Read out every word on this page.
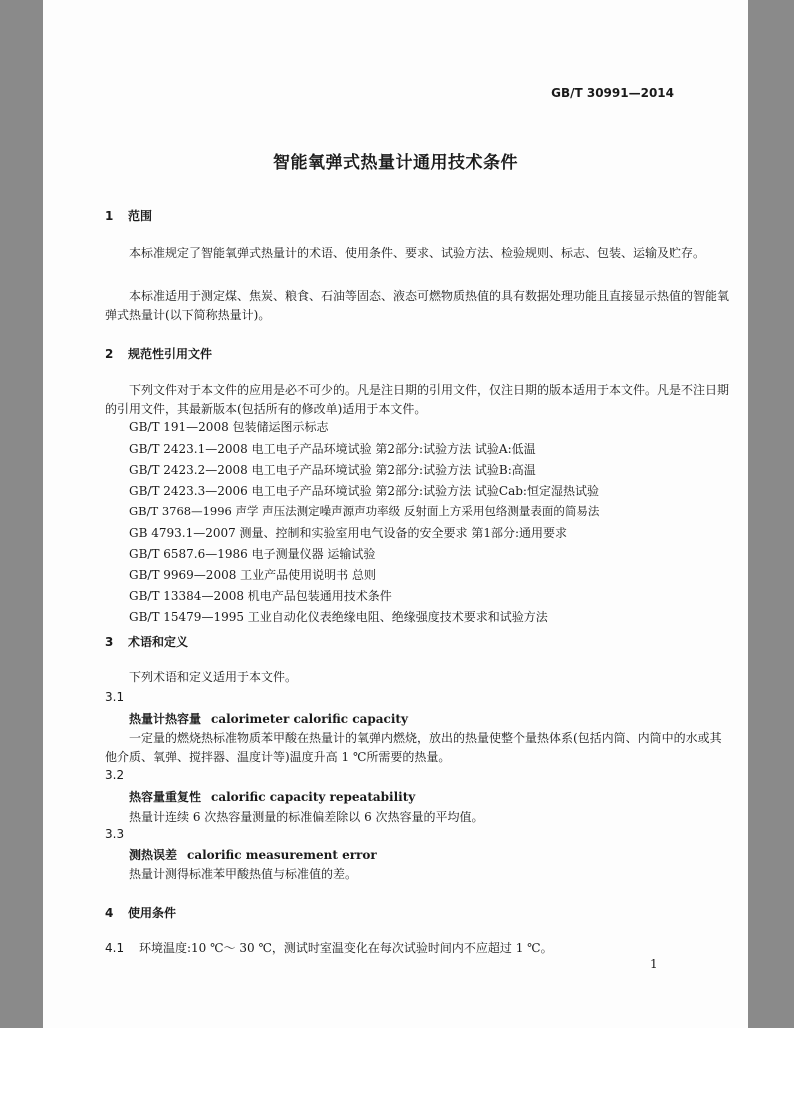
GB/T 30991—2014
智能氧弹式热量计通用技术条件
1 范围
本标准规定了智能氧弹式热量计的术语、使用条件、要求、试验方法、检验规则、标志、包装、运输及贮存。
本标准适用于测定煤、焦炭、粮食、石油等固态、液态可燃物质热值的具有数据处理功能且直接显示热值的智能氧弹式热量计(以下简称热量计)。
2 规范性引用文件
下列文件对于本文件的应用是必不可少的。凡是注日期的引用文件，仅注日期的版本适用于本文件。凡是不注日期的引用文件，其最新版本(包括所有的修改单)适用于本文件。
GB/T 191—2008 包装储运图示标志
GB/T 2423.1—2008 电工电子产品环境试验 第2部分:试验方法 试验A:低温
GB/T 2423.2—2008 电工电子产品环境试验 第2部分:试验方法 试验B:高温
GB/T 2423.3—2006 电工电子产品环境试验 第2部分:试验方法 试验Cab:恒定湿热试验
GB/T 3768—1996 声学 声压法测定噪声源声功率级 反射面上方采用包络测量表面的简易法
GB 4793.1—2007 测量、控制和实验室用电气设备的安全要求 第1部分:通用要求
GB/T 6587.6—1986 电子测量仪器 运输试验
GB/T 9969—2008 工业产品使用说明书 总则
GB/T 13384—2008 机电产品包装通用技术条件
GB/T 15479—1995 工业自动化仪表绝缘电阻、绝缘强度技术要求和试验方法
3 术语和定义
下列术语和定义适用于本文件。
3.1
热量计热容量 calorimeter calorific capacity
一定量的燃烧热标准物质苯甲酸在热量计的氧弹内燃烧，放出的热量使整个量热体系(包括内筒、内筒中的水或其他介质、氧弹、搅拌器、温度计等)温度升高 1 ℃所需要的热量。
3.2
热容量重复性 calorific capacity repeatability
热量计连续 6 次热容量测量的标准偏差除以 6 次热容量的平均值。
3.3
测热误差 calorific measurement error
热量计测得标准苯甲酸热值与标准值的差。
4 使用条件
4.1 环境温度:10 ℃～ 30 ℃，测试时室温变化在每次试验时间内不应超过 1 ℃。
1
